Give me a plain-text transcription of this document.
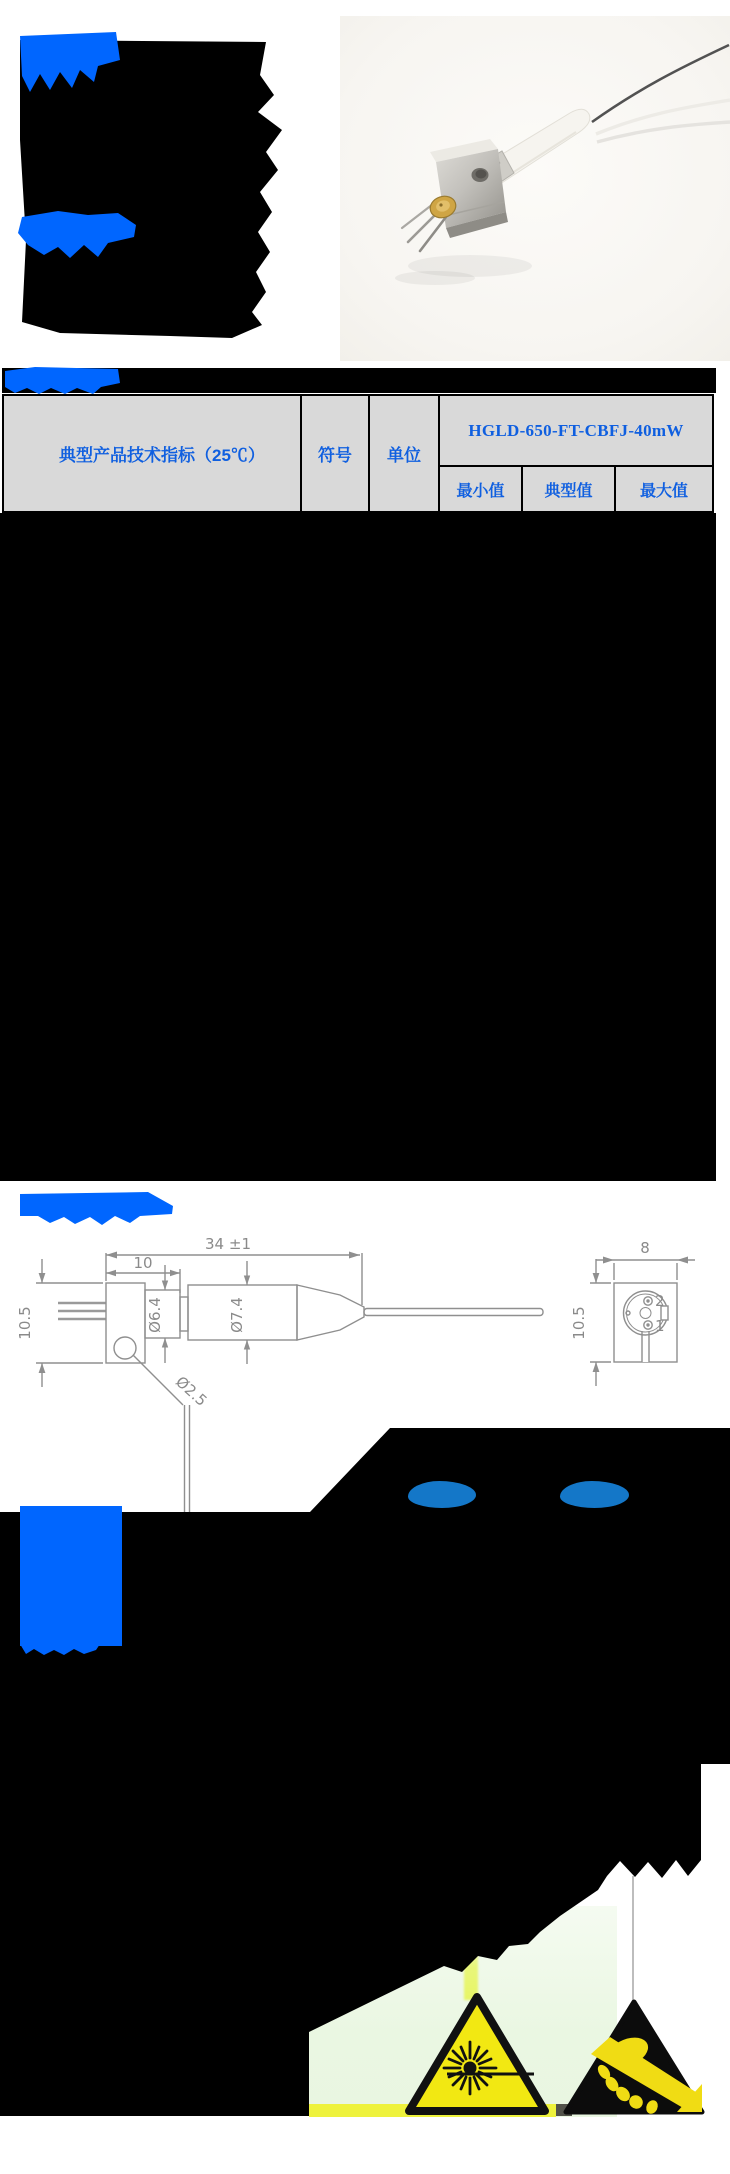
典型产品技术指标（25℃）	符号	单位
HGLD-650-FT-CBFJ-40mW
最小值	典型值	最大值
34 ±1
10
10.5	Ø6.4	Ø7.4
Ø2.5
2
1
8
10.5
